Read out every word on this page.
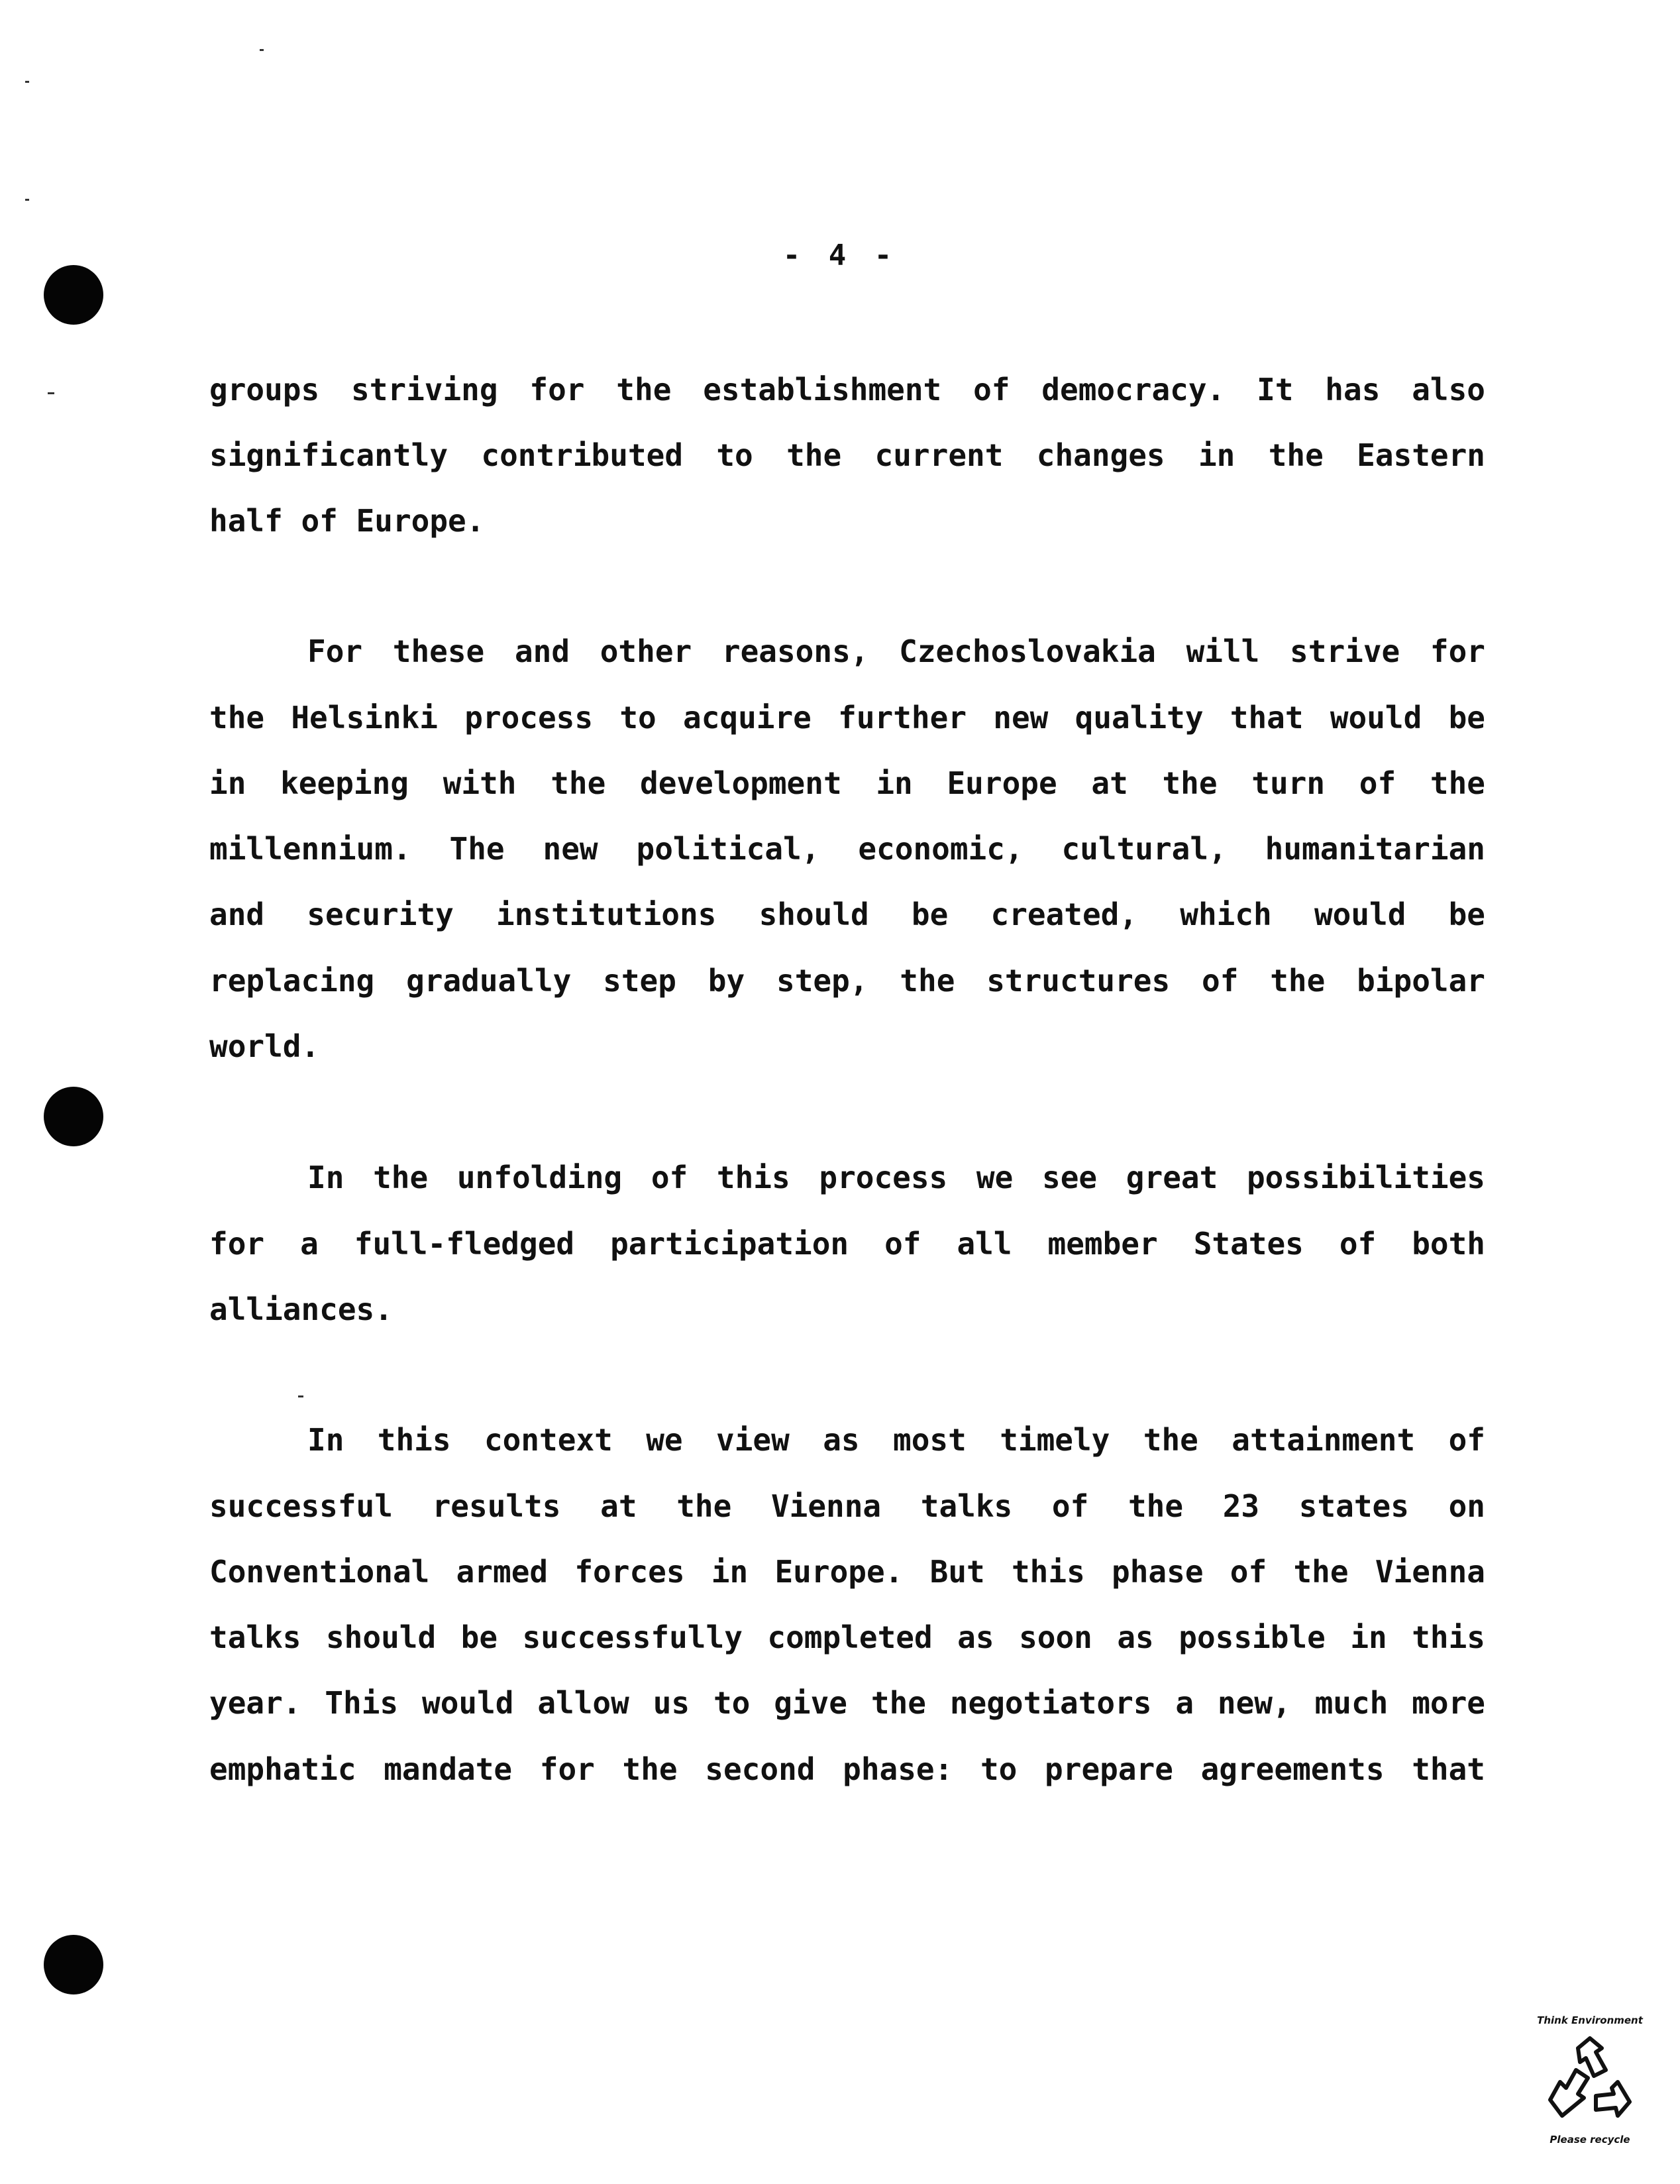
- 4 -
groups striving for the establishment of democracy. It has also
significantly contributed to the current changes in the Eastern
half of Europe.
For these and other reasons, Czechoslovakia will strive for
the Helsinki process to acquire further new quality that would be
in keeping with the development in Europe at the turn of the
millennium. The new political, economic, cultural, humanitarian
and security institutions should be created, which would be
replacing gradually step by step, the structures of the bipolar
world.
In the unfolding of this process we see great possibilities
for a full-fledged participation of all member States of both
alliances.
In this context we view as most timely the attainment of
successful results at the Vienna talks of the 23 states on
Conventional armed forces in Europe. But this phase of the Vienna
talks should be successfully completed as soon as possible in this
year. This would allow us to give the negotiators a new, much more
emphatic mandate for the second phase: to prepare agreements that
Think Environment
Please recycle
